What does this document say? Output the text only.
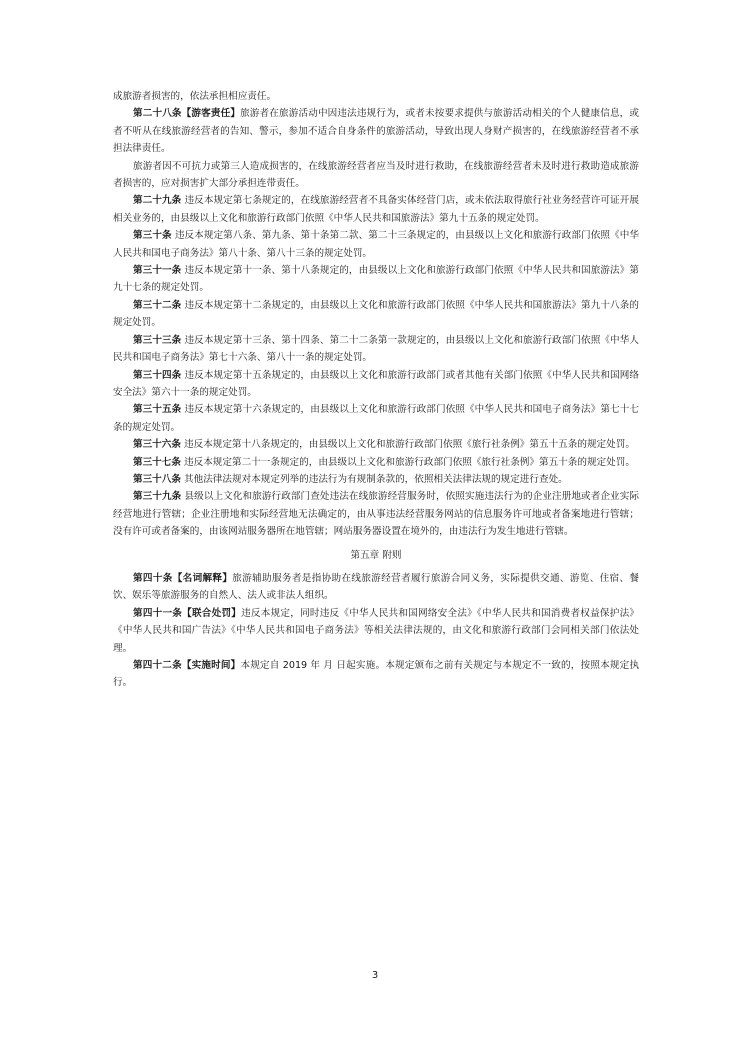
成旅游者损害的，依法承担相应责任。

第二十八条【游客责任】旅游者在旅游活动中因违法违规行为，或者未按要求提供与旅游活动相关的个人健康信息，或者不听从在线旅游经营者的告知、警示，参加不适合自身条件的旅游活动，导致出现人身财产损害的，在线旅游经营者不承担法律责任。

旅游者因不可抗力或第三人造成损害的，在线旅游经营者应当及时进行救助，在线旅游经营者未及时进行救助造成旅游者损害的，应对损害扩大部分承担连带责任。

第二十九条 违反本规定第七条规定的，在线旅游经营者不具备实体经营门店，或未依法取得旅行社业务经营许可证开展相关业务的，由县级以上文化和旅游行政部门依照《中华人民共和国旅游法》第九十五条的规定处罚。

第三十条 违反本规定第八条、第九条、第十条第二款、第二十三条规定的，由县级以上文化和旅游行政部门依照《中华人民共和国电子商务法》第八十条、第八十三条的规定处罚。

第三十一条 违反本规定第十一条、第十八条规定的，由县级以上文化和旅游行政部门依照《中华人民共和国旅游法》第九十七条的规定处罚。

第三十二条 违反本规定第十二条规定的，由县级以上文化和旅游行政部门依照《中华人民共和国旅游法》第九十八条的规定处罚。

第三十三条 违反本规定第十三条、第十四条、第二十二条第一款规定的，由县级以上文化和旅游行政部门依照《中华人民共和国电子商务法》第七十六条、第八十一条的规定处罚。

第三十四条 违反本规定第十五条规定的，由县级以上文化和旅游行政部门或者其他有关部门依照《中华人民共和国网络安全法》第六十一条的规定处罚。

第三十五条 违反本规定第十六条规定的，由县级以上文化和旅游行政部门依照《中华人民共和国电子商务法》第七十七条的规定处罚。

第三十六条 违反本规定第十八条规定的，由县级以上文化和旅游行政部门依照《旅行社条例》第五十五条的规定处罚。

第三十七条 违反本规定第二十一条规定的，由县级以上文化和旅游行政部门依照《旅行社条例》第五十条的规定处罚。

第三十八条 其他法律法规对本规定列举的违法行为有规制条款的，依照相关法律法规的规定进行查处。

第三十九条 县级以上文化和旅游行政部门查处违法在线旅游经营服务时，依照实施违法行为的企业注册地或者企业实际经营地进行管辖；企业注册地和实际经营地无法确定的，由从事违法经营服务网站的信息服务许可地或者备案地进行管辖；没有许可或者备案的，由该网站服务器所在地管辖；网站服务器设置在境外的，由违法行为发生地进行管辖。

第五章 附则

第四十条【名词解释】旅游辅助服务者是指协助在线旅游经营者履行旅游合同义务，实际提供交通、游览、住宿、餐饮、娱乐等旅游服务的自然人、法人或非法人组织。

第四十一条【联合处罚】违反本规定，同时违反《中华人民共和国网络安全法》《中华人民共和国消费者权益保护法》《中华人民共和国广告法》《中华人民共和国电子商务法》等相关法律法规的，由文化和旅游行政部门会同相关部门依法处理。

第四十二条【实施时间】本规定自 2019 年 月 日起实施。本规定颁布之前有关规定与本规定不一致的，按照本规定执行。

3
